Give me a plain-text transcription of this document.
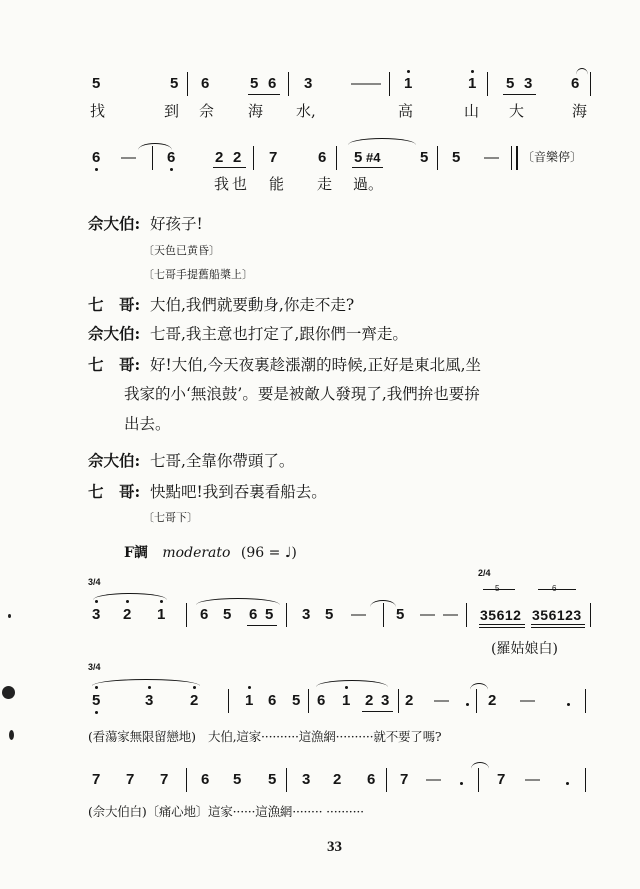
5	5 6	5 6 3	— — 1	1 5 3	6
找	到 佘 海 水,	高	山 大	海
6 — 6	2 2 7	6 5 #4	5 5 — 〔音樂停〕
我 也 能 走 過。
佘大伯: 好孩子!
〔天色已黄昏〕
〔七哥手提舊船槳上〕
七　哥: 大伯,我們就要動身,你走不走?
佘大伯: 七哥,我主意也打定了,跟你們一齊走。
七　哥: 好!大伯,今天夜裏趁漲潮的時候,正好是東北風,坐
我家的小‘無浪鼓’。要是被敵人發現了,我們拚也要拚
出去。
佘大伯: 七哥,全靠你帶頭了。
七　哥: 快點吧!我到吞裏看船去。
〔七哥下〕
F調 moderato (96 = ♩)
3/4
3 2 1 6 5 6 5 3 5 — 5 — —
2/4
35612 356123
(羅姑娘白)
3/4
5	3 2	1 6 5 6 1 2 3 2 —	2 —
(看蕩家無限留戀地)　大伯,這家··········這漁網··········就不要了嗎?
7 7 7 6 5 5 3 2 6 7 —	7 —
(佘大伯白)〔痛心地〕這家······這漁網········ ··········
33
